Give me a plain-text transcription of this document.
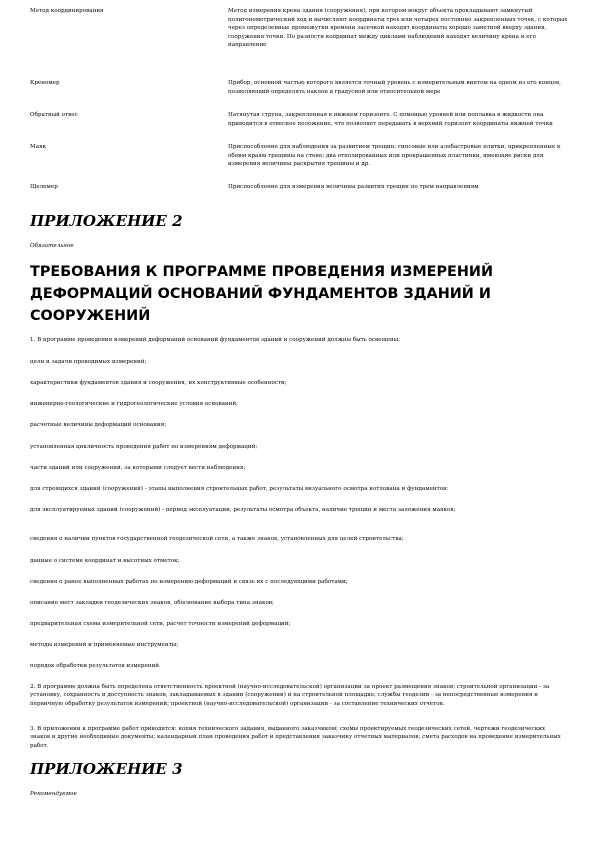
Метод координирования	Метод измерения крена здания (сооружения), при котором вокруг объекта прокладывают замкнутый полигонометрический ход и вычисляют координаты трех или четырех постоянно закрепленных точек, с которых через определенные промежутки времени засечкой находят координаты хорошо заметной вверху здания, сооружения точки. По разности координат между циклами наблюдений находят величину крена и его направление
Креномер	Прибор, основной частью которого является точный уровень с измерительным винтом на одном из его концов, позволяющий определять наклон в градусной или относительной мере
Обратный отвес	Натянутая струна, закрепленная в нижнем горизонте. С помощью уровней или поплавка в жидкости она приводится в отвесное положение, что позволяет передавать в верхний горизонт координаты нижней точки
Маяк	Приспособление для наблюдения за развитием трещин: гипсовые или алебастровые плитки, прикрепленные к обоим краям трещины на стене; два отполированных или прокрашенных пластинки, имеющие риски для измерения величины раскрытия трещины и др.
Щелемер	Приспособление для измерения величины развития трещин по трем направлениям
ПРИЛОЖЕНИЕ 2
Обязательное
ТРЕБОВАНИЯ К ПРОГРАММЕ ПРОВЕДЕНИЯ ИЗМЕРЕНИЙ ДЕФОРМАЦИЙ ОСНОВАНИЙ ФУНДАМЕНТОВ ЗДАНИЙ И СООРУЖЕНИЙ

1. В программе проведения измерений деформаций оснований фундаментов зданий и сооружений должны быть освещены:

цели и задачи проводимых измерений;

характеристики фундаментов здания и сооружения, их конструктивные особенности;

инженерно-геологические и гидрогеологические условия оснований;

расчетные величины деформаций основания;

установленная цикличность проведения работ по измерениям деформаций;

части зданий или сооружений, за которыми следует вести наблюдения;

для строящихся зданий (сооружений) - этапы выполнения строительных работ, результаты визуального осмотра котлована и фундаментов;

для эксплуатируемых зданий (сооружений) - период эксплуатации, результаты осмотра объекта, наличие трещин и места заложения маяков;

сведения о наличии пунктов государственной геодезической сети, а также знаков, установленных для целей строительства;

данные о системе координат и высотных отметок;

сведения о ранее выполненных работах по измерению деформаций и связь их с последующими работами;

описание мест закладки геодезических знаков, обоснование выбора типа знаков;

предварительная схема измерительной сети, расчет точности измерений деформаций;

методы измерений и применяемые инструменты;

порядок обработки результатов измерений.

2. В программе должна быть определена ответственность проектной (научно-исследовательской) организации за проект размещения знаков; строительной организации - за установку, сохранность и доступность знаков, закладываемых в здании (сооружении) и на строительной площадке; службы геодезии - за непосредственные измерения и первичную обработку результатов измерений; проектной (научно-исследовательской) организации - за составление технических отчетов.

3. В приложении к программе работ приводятся: копия технического задания, выданного заказчиком; схемы проектируемых геодезических сетей, чертежи геодезических знаков и другие необходимые документы; календарный план проведения работ и представления заказчику отчетных материалов; смета расходов на проведение измерительных работ.

ПРИЛОЖЕНИЕ 3
Рекомендуемое
